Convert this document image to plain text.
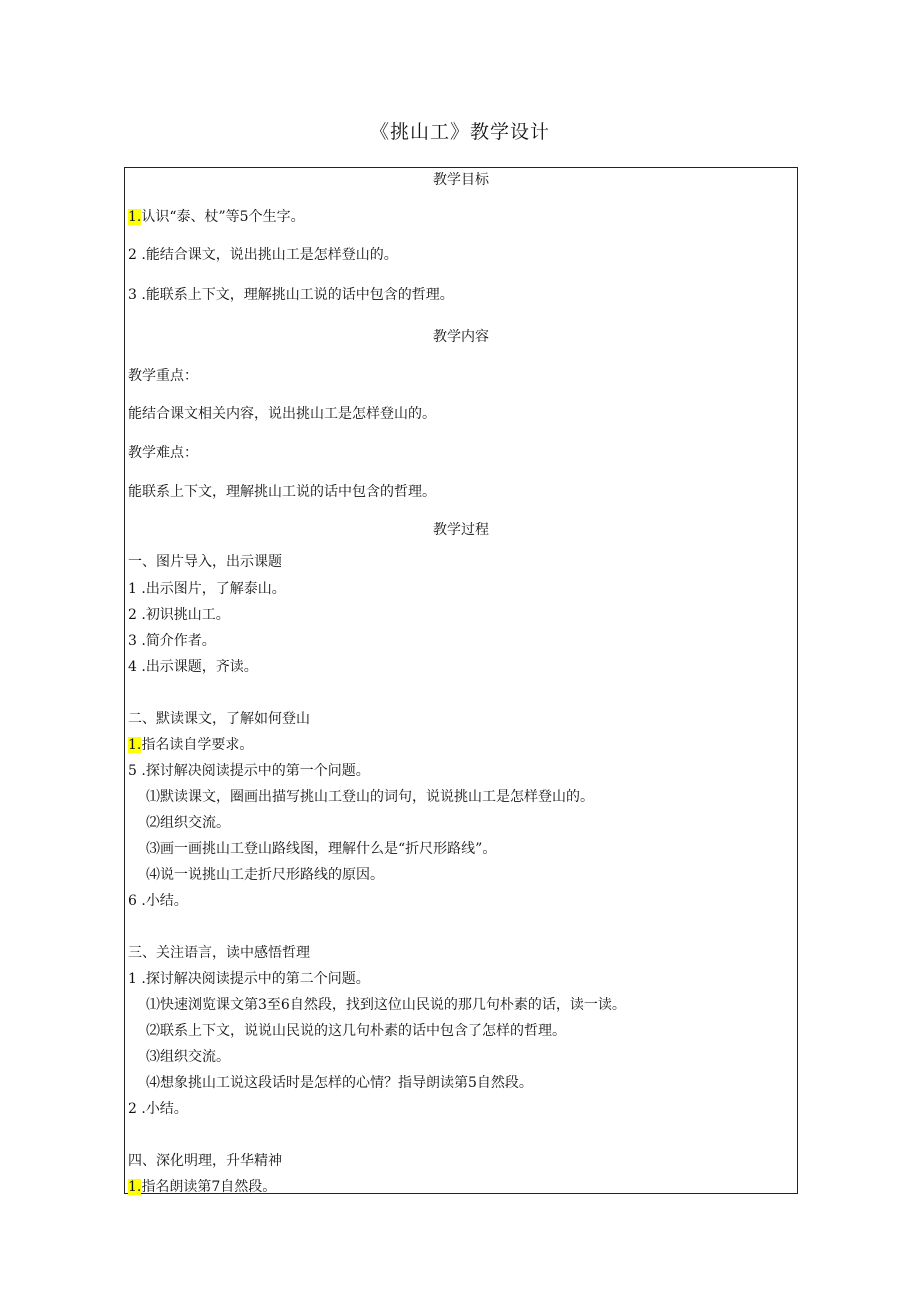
《挑山工》教学设计
教学目标
1.认识“泰、杖”等5个生字。
2 .能结合课文，说出挑山工是怎样登山的。
3 .能联系上下文，理解挑山工说的话中包含的哲理。
教学内容
教学重点：
能结合课文相关内容，说出挑山工是怎样登山的。
教学难点：
能联系上下文，理解挑山工说的话中包含的哲理。
教学过程
一、图片导入，出示课题
1 .出示图片，了解泰山。
2 .初识挑山工。
3 .简介作者。
4 .出示课题，齐读。
二、默读课文，了解如何登山
1.指名读自学要求。
5 .探讨解决阅读提示中的第一个问题。
⑴默读课文，圈画出描写挑山工登山的词句，说说挑山工是怎样登山的。
⑵组织交流。
⑶画一画挑山工登山路线图，理解什么是“折尺形路线”。
⑷说一说挑山工走折尺形路线的原因。
6 .小结。
三、关注语言，读中感悟哲理
1 .探讨解决阅读提示中的第二个问题。
⑴快速浏览课文第3至6自然段，找到这位山民说的那几句朴素的话，读一读。
⑵联系上下文，说说山民说的这几句朴素的话中包含了怎样的哲理。
⑶组织交流。
⑷想象挑山工说这段话时是怎样的心情？指导朗读第5自然段。
2 .小结。
四、深化明理，升华精神
1.指名朗读第7自然段。
